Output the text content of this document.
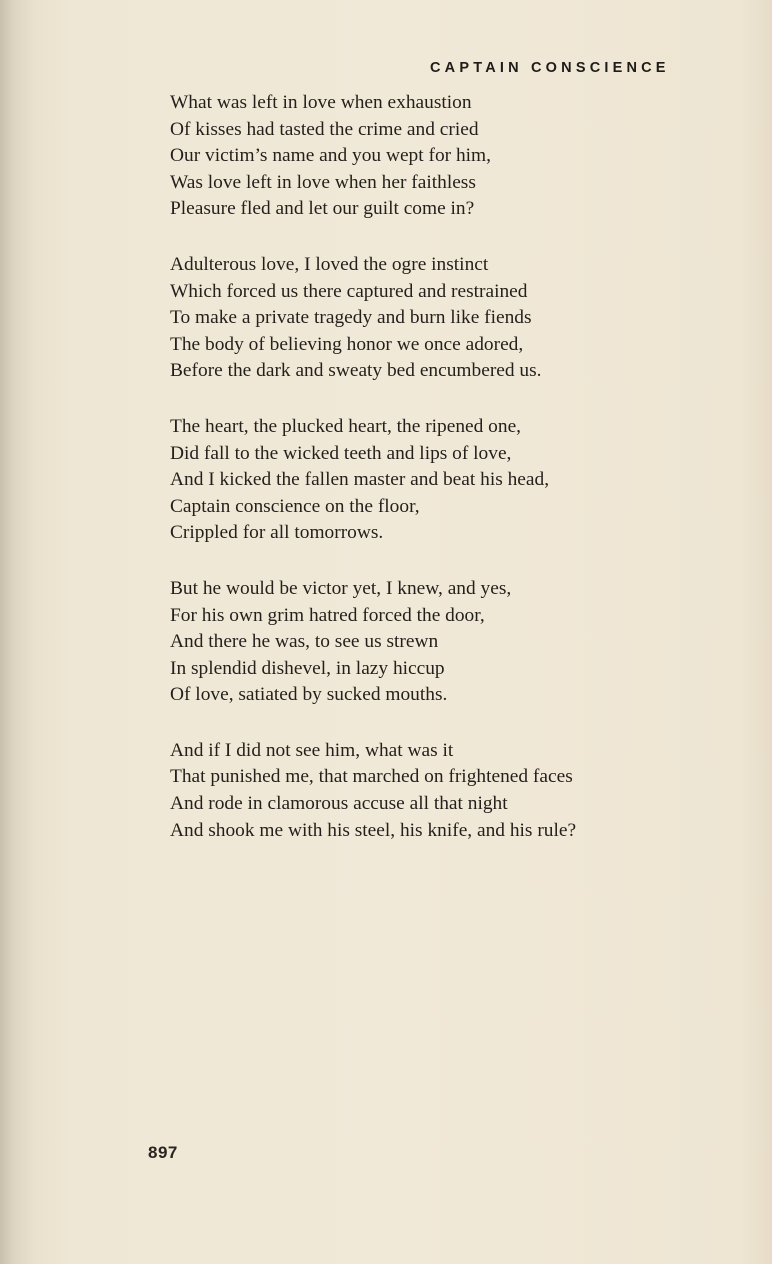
CAPTAIN CONSCIENCE
What was left in love when exhaustion
Of kisses had tasted the crime and cried
Our victim’s name and you wept for him,
Was love left in love when her faithless
Pleasure fled and let our guilt come in?
Adulterous love, I loved the ogre instinct
Which forced us there captured and restrained
To make a private tragedy and burn like fiends
The body of believing honor we once adored,
Before the dark and sweaty bed encumbered us.
The heart, the plucked heart, the ripened one,
Did fall to the wicked teeth and lips of love,
And I kicked the fallen master and beat his head,
Captain conscience on the floor,
Crippled for all tomorrows.
But he would be victor yet, I knew, and yes,
For his own grim hatred forced the door,
And there he was, to see us strewn
In splendid dishevel, in lazy hiccup
Of love, satiated by sucked mouths.
And if I did not see him, what was it
That punished me, that marched on frightened faces
And rode in clamorous accuse all that night
And shook me with his steel, his knife, and his rule?
897
